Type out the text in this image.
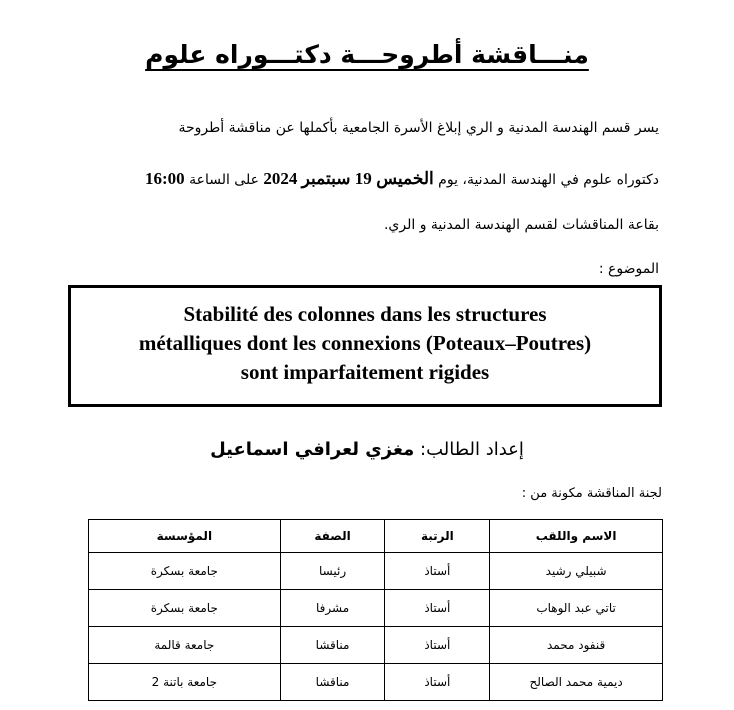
منـــاقشة أطروحـــة دكتـــوراه علوم
يسر قسم الهندسة المدنية و الري إبلاغ الأسرة الجامعية بأكملها عن مناقشة أطروحة
دكتوراه علوم في الهندسة المدنية، يوم الخميس 19 سبتمبر 2024 على الساعة 16:00
بقاعة المناقشات لقسم الهندسة المدنية و الري.
الموضوع :
Stabilité des colonnes dans les structures
métalliques dont les connexions (Poteaux–Poutres)
sont imparfaitement rigides
إعداد الطالب: مغزي لعرافي اسماعيل
لجنة المناقشة مكونة من :
الاسم واللقب	الرتبة	الصفة	المؤسسة
شبيلي رشيد	أستاذ	رئيسا	جامعة بسكرة
تاتي عبد الوهاب	أستاذ	مشرفا	جامعة بسكرة
قنفود محمد	أستاذ	مناقشا	جامعة قالمة
ديمية محمد الصالح	أستاذ	مناقشا	جامعة باتنة 2
